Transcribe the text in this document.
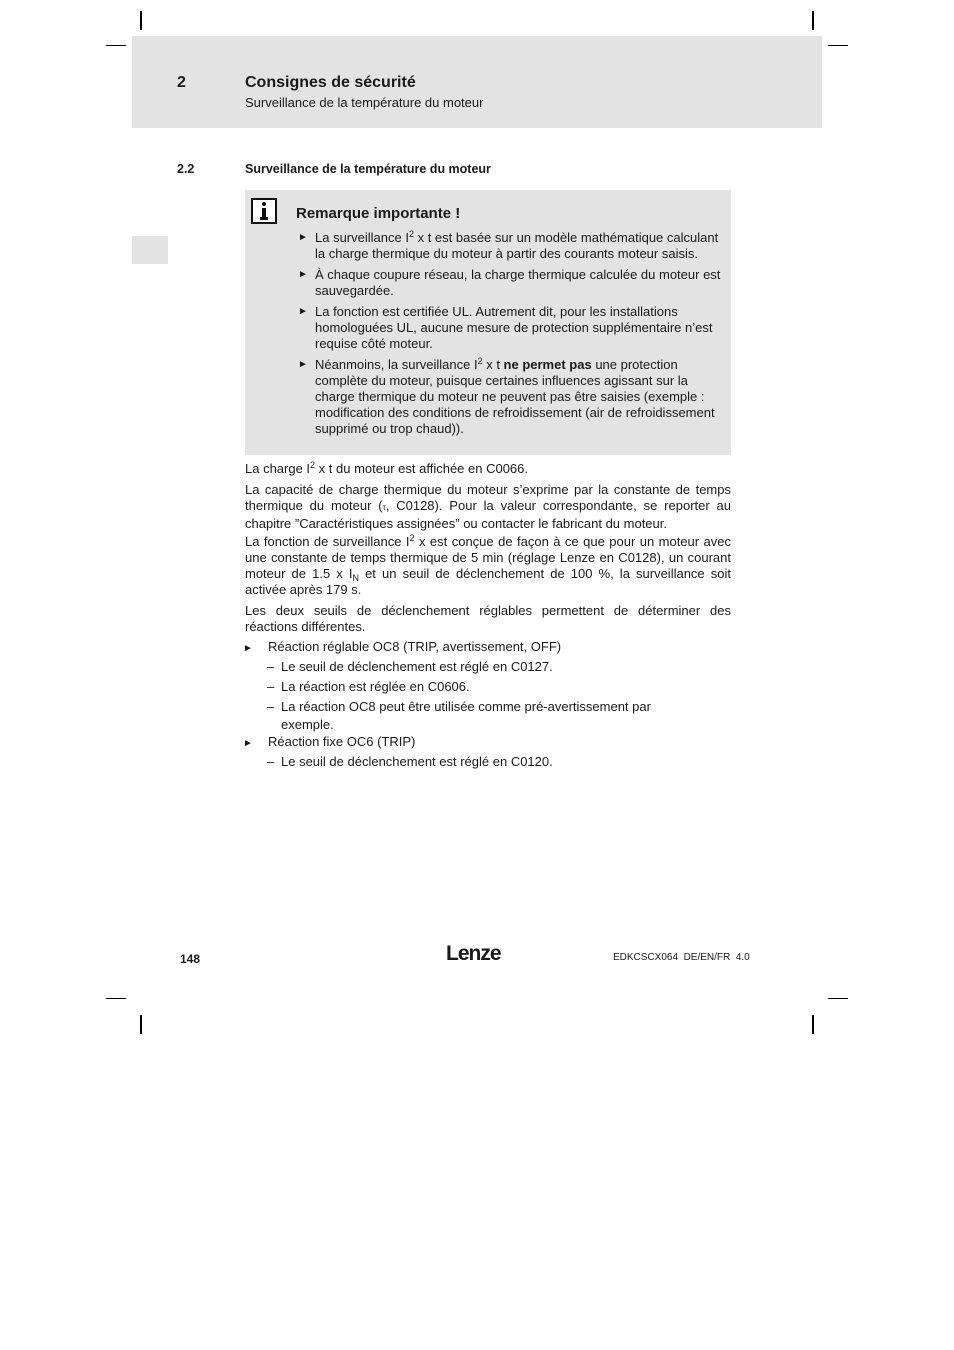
2	Consignes de sécurité
Surveillance de la température du moteur
2.2	Surveillance de la température du moteur
Remarque importante !
► La surveillance $I^2$ x t est basée sur un modèle mathématique calculant la charge thermique du moteur à partir des courants moteur saisis.
► À chaque coupure réseau, la charge thermique calculée du moteur est sauvegardée.
► La fonction est certifiée UL. Autrement dit, pour les installations homologuées UL, aucune mesure de protection supplémentaire n’est requise côté moteur.
► Néanmoins, la surveillance $I^2$ x t ne permet pas une protection complète du moteur, puisque certaines influences agissant sur la charge thermique du moteur ne peuvent pas être saisies (exemple : modification des conditions de refroidissement (air de refroidissement supprimé ou trop chaud)).
La charge $I^2$ x t du moteur est affichée en C0066.
La capacité de charge thermique du moteur s’exprime par la constante de temps thermique du moteur (τ, C0128). Pour la valeur correspondante, se reporter au chapitre ”Caractéristiques assignées” ou contacter le fabricant du moteur.
La fonction de surveillance $I^2$ x est conçue de façon à ce que pour un moteur avec une constante de temps thermique de 5 min (réglage Lenze en C0128), un courant moteur de 1.5 x $I_N$ et un seuil de déclenchement de 100 %, la surveillance soit activée après 179 s.
Les deux seuils de déclenchement réglables permettent de déterminer des réactions différentes.
► Réaction réglable OC8 (TRIP, avertissement, OFF)
– Le seuil de déclenchement est réglé en C0127.
– La réaction est réglée en C0606.
– La réaction OC8 peut être utilisée comme pré-avertissement par exemple.
► Réaction fixe OC6 (TRIP)
– Le seuil de déclenchement est réglé en C0120.
148	Lenze	EDKCSCX064  DE/EN/FR  4.0
